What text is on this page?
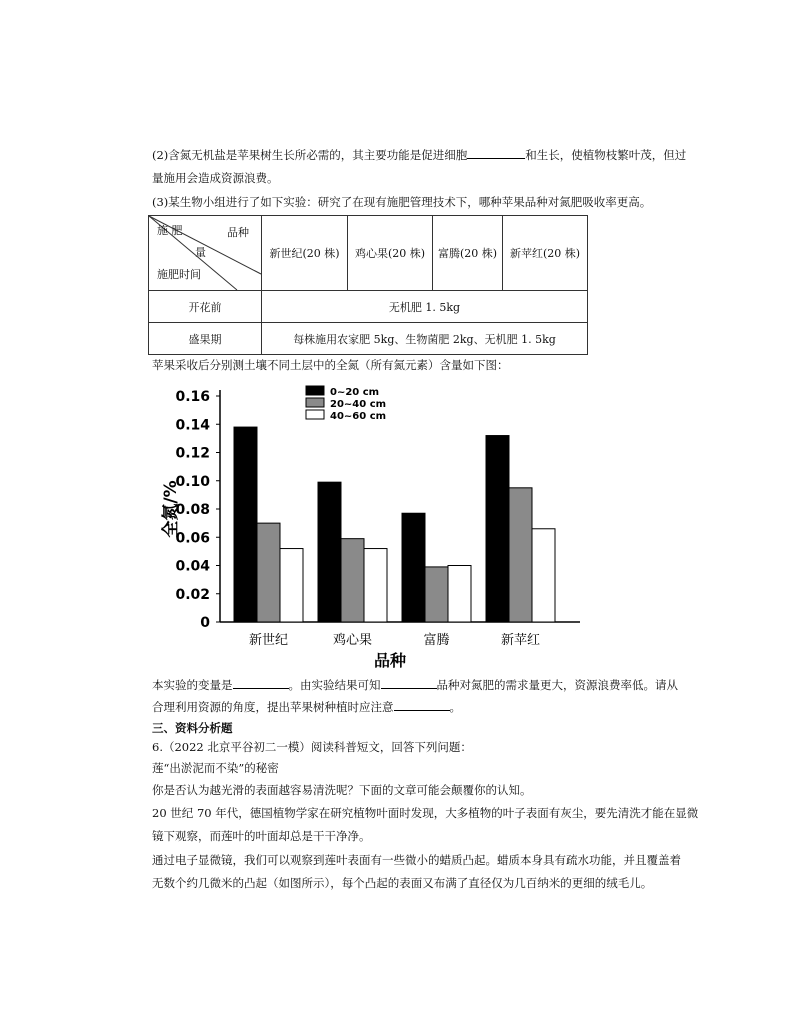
(2)含氮无机盐是苹果树生长所必需的，其主要功能是促进细胞	和生长，使植物枝繁叶茂，但过
量施用会造成资源浪费。
(3)某生物小组进行了如下实验：研究了在现有施肥管理技术下，哪种苹果品种对氮肥吸收率更高。
施 肥 品种
量
施肥时间	新世纪(20 株)	鸡心果(20 株)	富腾(20 株)	新苹红(20 株)
开花前	无机肥 1. 5kg			
盛果期	每株施用农家肥 5kg、生物菌肥 2kg、无机肥 1. 5kg			
苹果采收后分别测土壤不同土层中的全氮（所有氮元素）含量如下图：
0
0.02
0.04
0.06
0.08
0.10
0.12
0.14
0.16
全氮/%
新世纪	鸡心果	富腾	新苹红
品种
0~20 cm
20~40 cm
40~60 cm
本实验的变量是	。由实验结果可知	品种对氮肥的需求量更大，资源浪费率低。请从
合理利用资源的角度，提出苹果树种植时应注意	。
三、资料分析题
6.（2022 北京平谷初二一模）阅读科普短文，回答下列问题：
莲“出淤泥而不染”的秘密
你是否认为越光滑的表面越容易清洗呢？下面的文章可能会颠覆你的认知。
20 世纪 70 年代，德国植物学家在研究植物叶面时发现，大多植物的叶子表面有灰尘，要先清洗才能在显微
镜下观察，而莲叶的叶面却总是干干净净。
通过电子显微镜，我们可以观察到莲叶表面有一些微小的蜡质凸起。蜡质本身具有疏水功能，并且覆盖着
无数个约几微米的凸起（如图所示），每个凸起的表面又布满了直径仅为几百纳米的更细的绒毛儿。
